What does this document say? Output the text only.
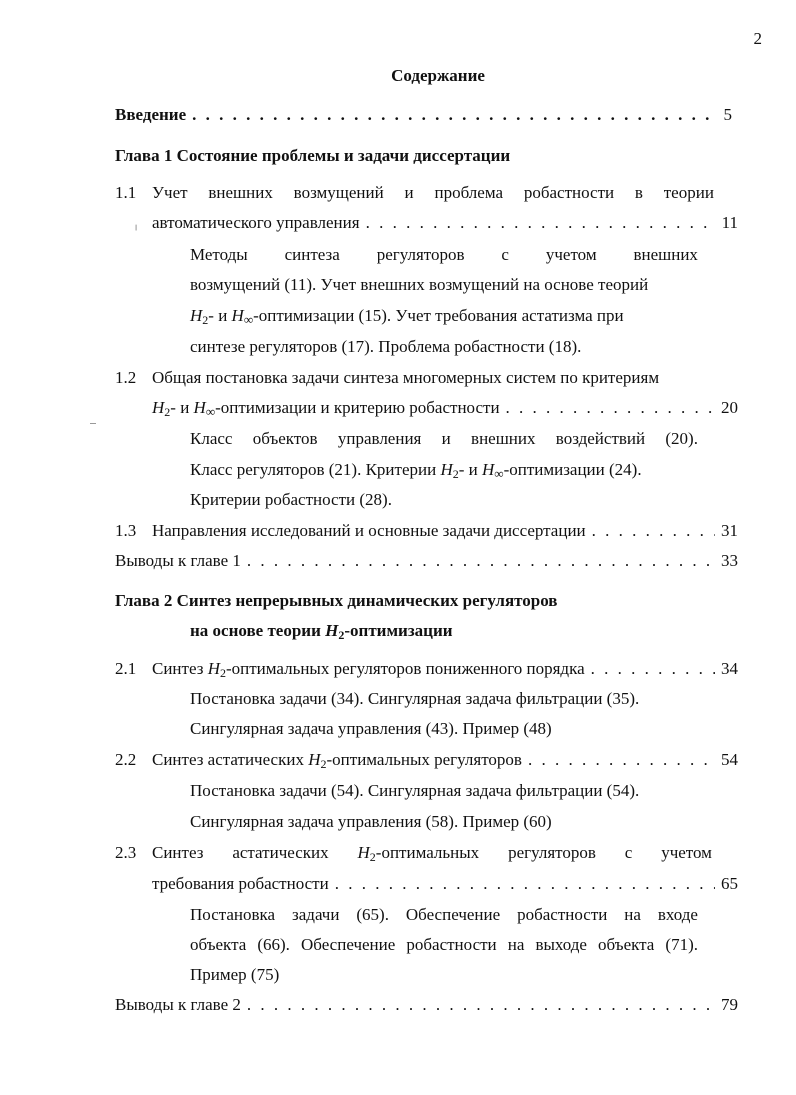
2
Содержание
Введение . . .	5
Глава 1 Состояние проблемы и задачи диссертации
1.1 Учет внешних возмущений и проблема робастности в теории
автоматического управления . . .	11
╷
Методы синтеза регуляторов с учетом внешних
возмущений (11). Учет внешних возмущений на основе теорий
$H_2-$ и H∞-оптимизации (15). Учет требования астатизма при
синтезе регуляторов (17). Проблема робастности (18).
1.2 Общая постановка задачи синтеза многомерных систем по критериям
$H_2-$ и H∞-оптимизации и критерию робастности . . .	20
Класс объектов управления и внешних воздействий (20).
Класс регуляторов (21). Критерии $H_2-$ и H∞-оптимизации (24).
Критерии робастности (28).
1.3 Направления исследований и основные задачи диссертации . . .	31
Выводы к главе 1 . . .	33
Глава 2 Синтез непрерывных динамических регуляторов
на основе теории $H_2$-оптимизации
2.1 Синтез $H_2$-оптимальных регуляторов пониженного порядка . . .	34
Постановка задачи (34). Сингулярная задача фильтрации (35).
Сингулярная задача управления (43). Пример (48)
2.2 Синтез астатических $H_2$-оптимальных регуляторов . . .	54
Постановка задачи (54). Сингулярная задача фильтрации (54).
Сингулярная задача управления (58). Пример (60)
2.3 Синтез астатических $H_2$-оптимальных регуляторов с учетом
требования робастности . . .	65
Постановка задачи (65). Обеспечение робастности на входе
объекта (66). Обеспечение робастности на выходе объекта (71).
Пример (75)
Выводы к главе 2 . . .	79
